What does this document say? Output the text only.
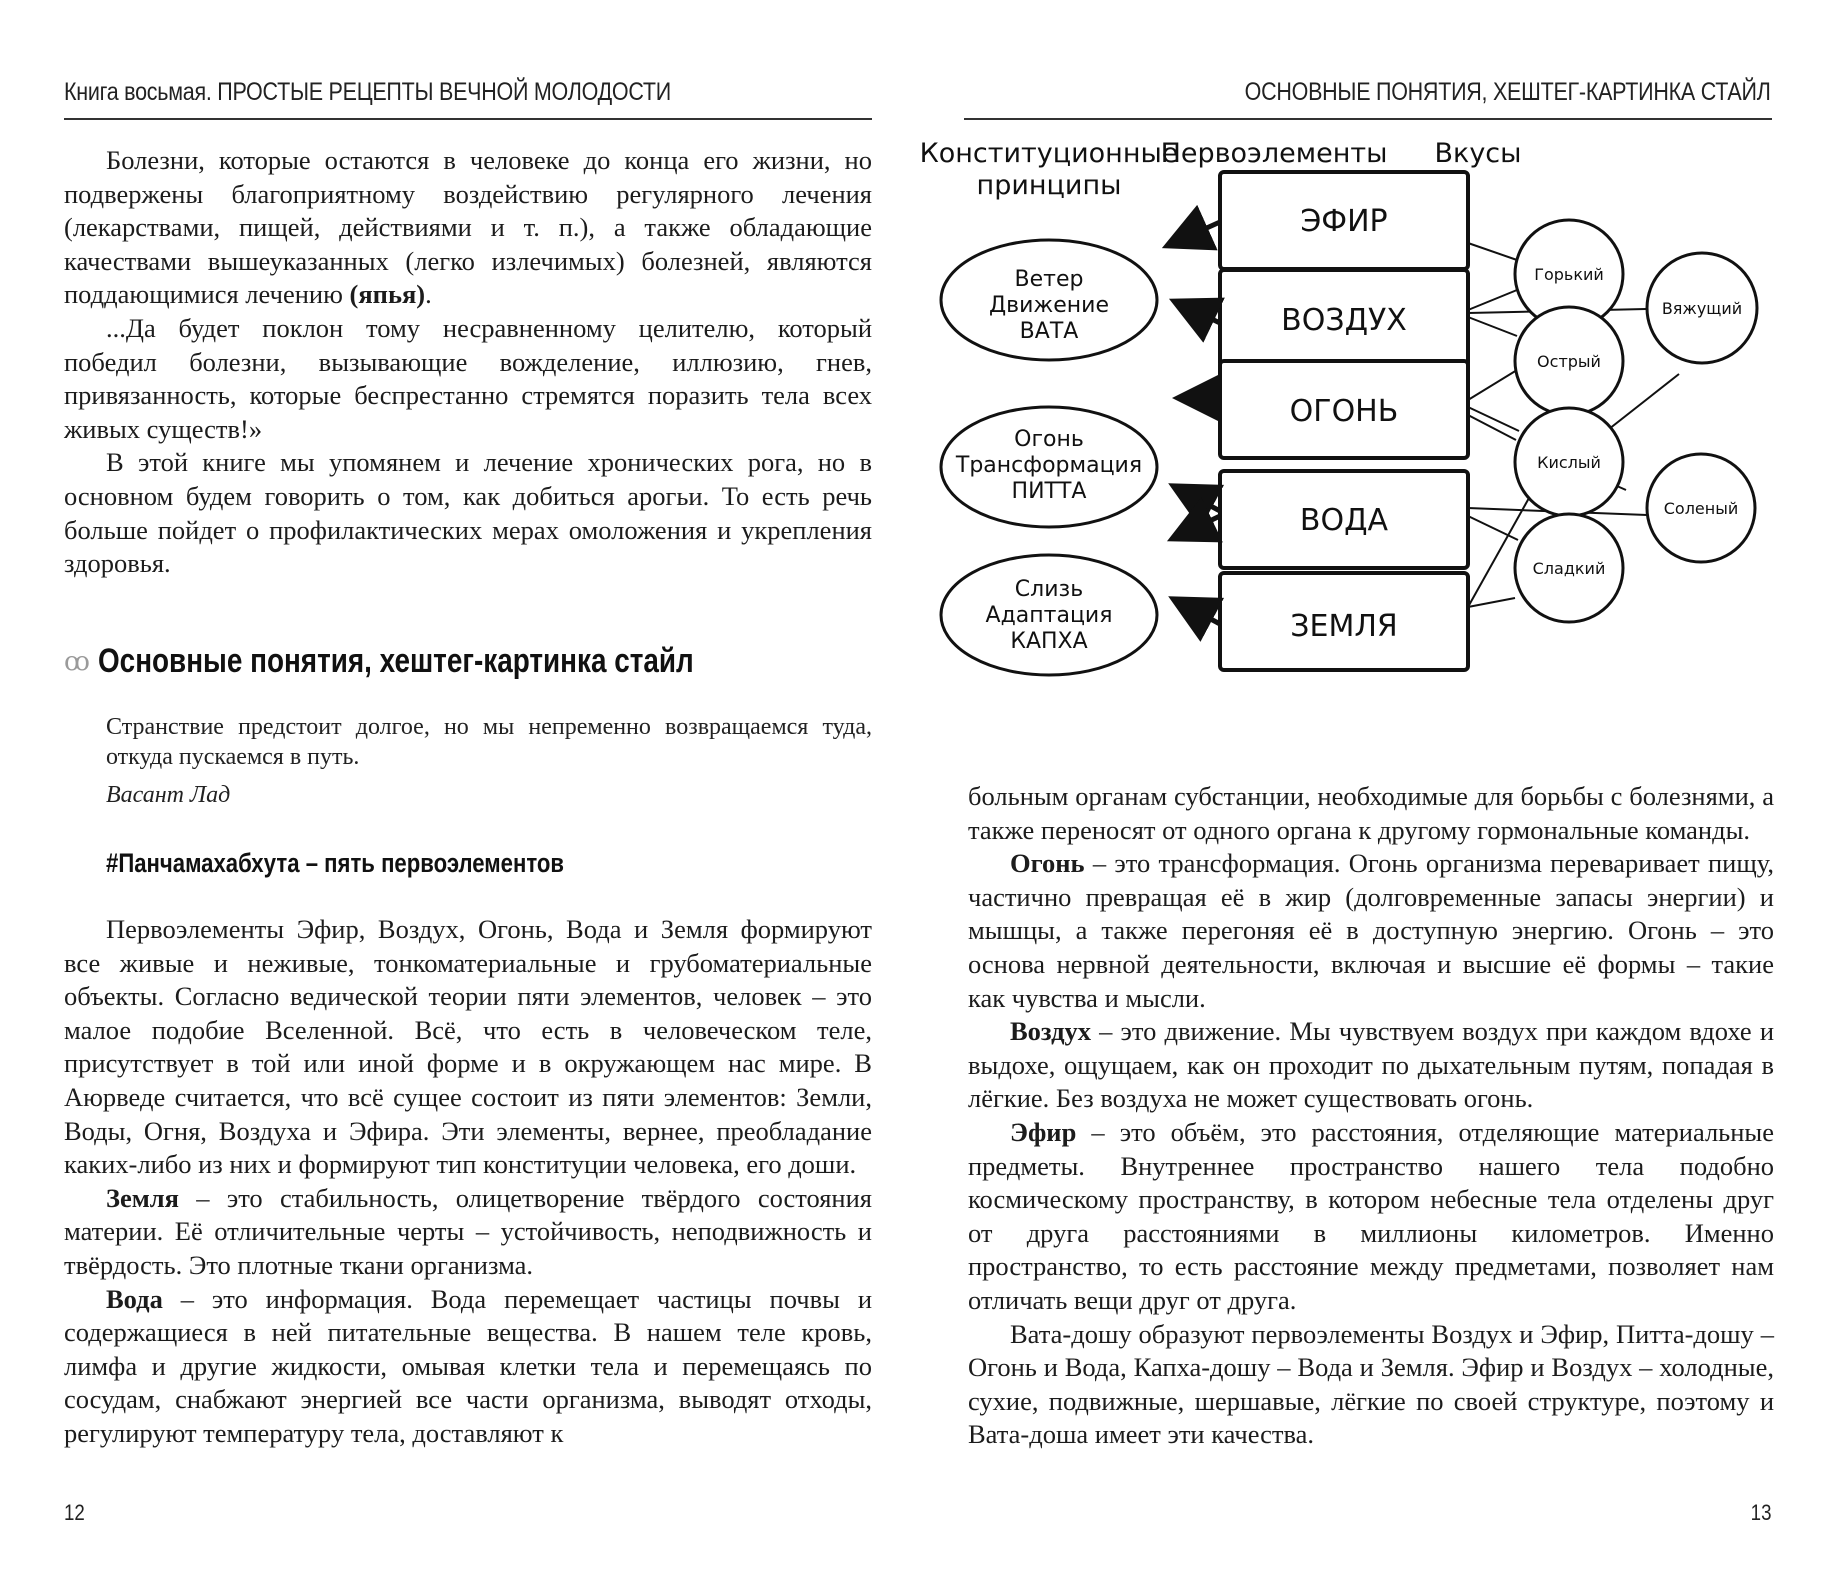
Книга восьмая. ПРОСТЫЕ РЕЦЕПТЫ ВЕЧНОЙ МОЛОДОСТИ

Болезни, которые остаются в человеке до конца его жизни, но подвержены благоприятному воздействию регулярного лечения (лекарствами, пищей, действиями и т. п.), а также обладающие качествами вышеуказанных (легко излечимых) болезней, являются поддающимися лечению (япья).

...Да будет поклон тому несравненному целителю, который победил болезни, вызывающие вожделение, иллюзию, гнев, привязанность, которые беспрестанно стремятся поразить тела всех живых существ!»

В этой книге мы упомянем и лечение хронических рога, но в основном будем говорить о том, как добиться арогьи. То есть речь больше пойдет о профилактических мерах омоложения и укрепления здоровья.

ꝏ Основные понятия, хештег-картинка стайл
Странствие предстоит долгое, но мы непременно возвращаемся туда, откуда пускаемся в путь.
Васант Лад
#Панчамахабхута – пять первоэлементов

Первоэлементы Эфир, Воздух, Огонь, Вода и Земля формируют все живые и неживые, тонкоматериальные и грубоматериальные объекты. Согласно ведической теории пяти элементов, человек – это малое подобие Вселенной. Всё, что есть в человеческом теле, присутствует в той или иной форме и в окружающем нас мире. В Аюрведе считается, что всё сущее состоит из пяти элементов: Земли, Воды, Огня, Воздуха и Эфира. Эти элементы, вернее, преобладание каких-либо из них и формируют тип конституции человека, его доши.

Земля – это стабильность, олицетворение твёрдого состояния материи. Её отличительные черты – устойчивость, неподвижность и твёрдость. Это плотные ткани организма.

Вода – это информация. Вода перемещает частицы почвы и содержащиеся в ней питательные вещества. В нашем теле кровь, лимфа и другие жидкости, омывая клетки тела и перемещаясь по сосудам, снабжают энергией все части организма, выводят отходы, регулируют температуру тела, доставляют к

12
ОСНОВНЫЕ ПОНЯТИЯ, ХЕШТЕГ-КАРТИНКА СТАЙЛ
Конституционные
принципы
Первоэлементы Вкусы
ЭФИР
ВОЗДУХ
ОГОНЬ
ВОДА
ЗЕМЛЯ
Ветер
Движение
ВАТА
Огонь
Трансформация
ПИТТА
Слизь
Адаптация
КАПХА
Горький
Вяжущий
Острый
Кислый
Соленый
Сладкий

больным органам субстанции, необходимые для борьбы с болезнями, а также переносят от одного органа к другому гормональные команды.

Огонь – это трансформация. Огонь организма переваривает пищу, частично превращая её в жир (долговременные запасы энергии) и мышцы, а также перегоняя её в доступную энергию. Огонь – это основа нервной деятельности, включая и высшие её формы – такие как чувства и мысли.

Воздух – это движение. Мы чувствуем воздух при каждом вдохе и выдохе, ощущаем, как он проходит по дыхательным путям, попадая в лёгкие. Без воздуха не может существовать огонь.

Эфир – это объём, это расстояния, отделяющие материальные предметы. Внутреннее пространство нашего тела подобно космическому пространству, в котором небесные тела отделены друг от друга расстояниями в миллионы километров. Именно пространство, то есть расстояние между предметами, позволяет нам отличать вещи друг от друга.

Вата-дошу образуют первоэлементы Воздух и Эфир, Питта-дошу – Огонь и Вода, Капха-дошу – Вода и Земля. Эфир и Воздух – холодные, сухие, подвижные, шершавые, лёгкие по своей структуре, поэтому и Вата-доша имеет эти качества.

13
